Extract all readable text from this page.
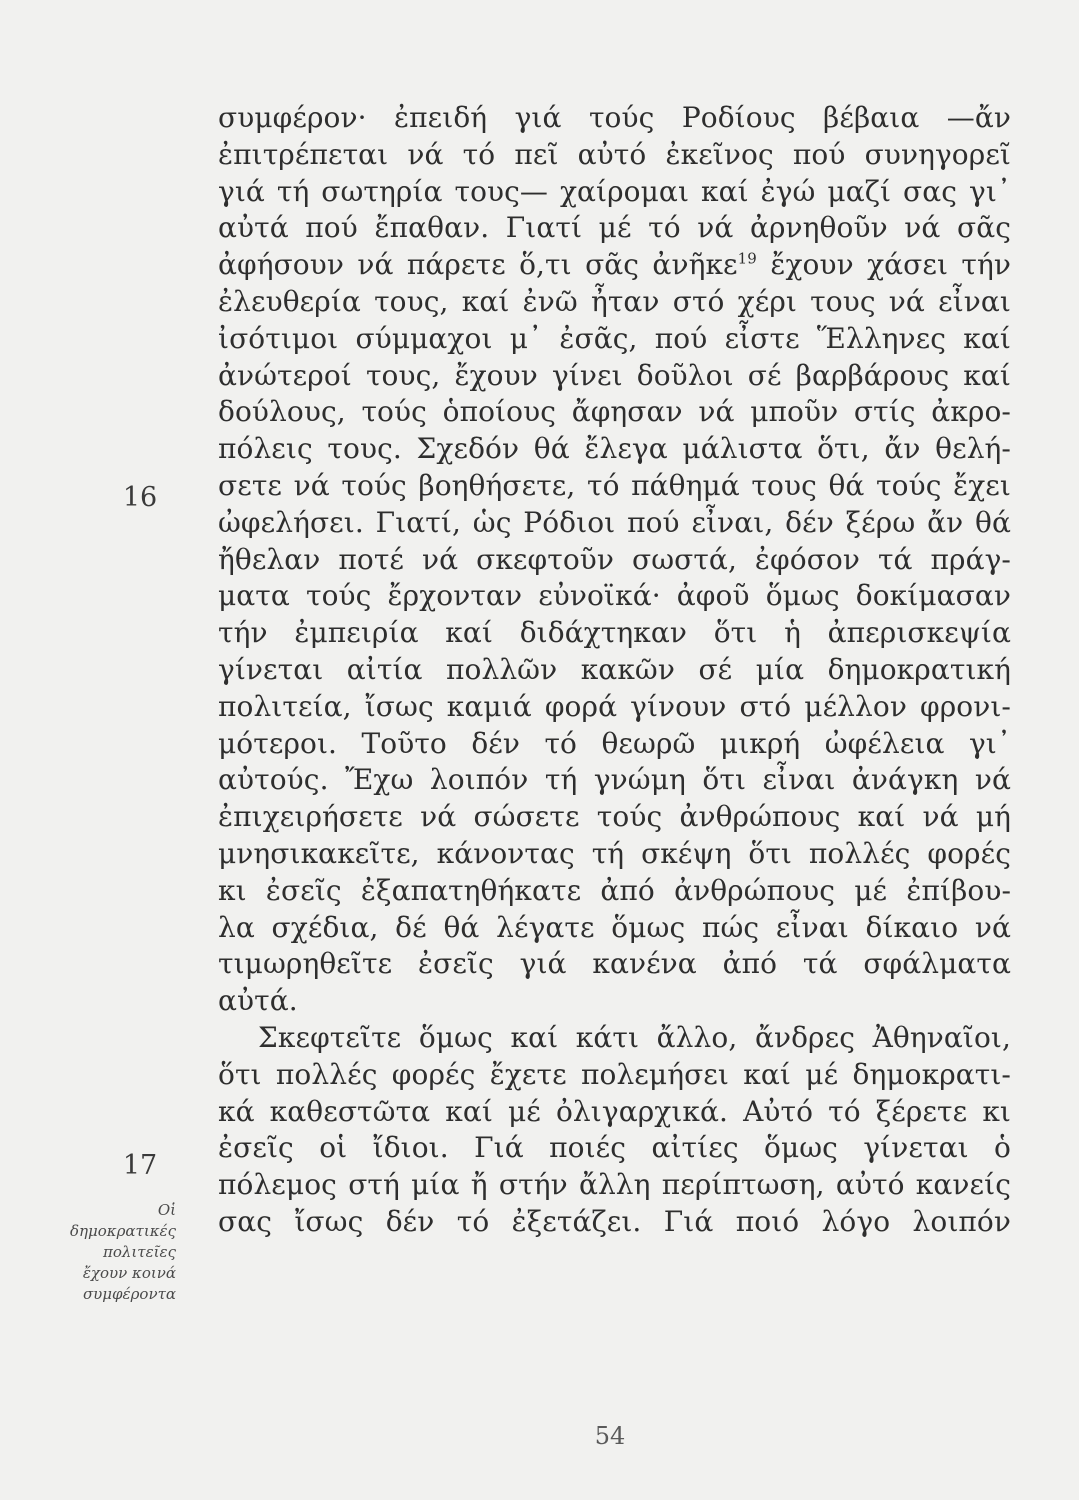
16
17
Οἱ
δημοκρατικές
πολιτεῖες
ἔχουν κοινά
συμφέροντα
συμφέρον· ἐπειδή γιά τούς Ροδίους βέβαια —ἄν
ἐπιτρέπεται νά τό πεῖ αὐτό ἐκεῖνος πού συνηγορεῖ
γιά τή σωτηρία τους— χαίρομαι καί ἐγώ μαζί σας γι᾽
αὐτά πού ἔπαθαν. Γιατί μέ τό νά ἀρνηθοῦν νά σᾶς
ἀφήσουν νά πάρετε ὅ,τι σᾶς ἀνῆκε$^{19}$ ἔχουν χάσει τήν
ἐλευθερία τους, καί ἐνῶ ἦταν στό χέρι τους νά εἶναι
ἰσότιμοι σύμμαχοι μ᾽ ἐσᾶς, πού εἶστε Ἕλληνες καί
ἀνώτεροί τους, ἔχουν γίνει δοῦλοι σέ βαρβάρους καί
δούλους, τούς ὁποίους ἄφησαν νά μποῦν στίς ἀκρο-
πόλεις τους. Σχεδόν θά ἔλεγα μάλιστα ὅτι, ἄν θελή-
σετε νά τούς βοηθήσετε, τό πάθημά τους θά τούς ἔχει
ὠφελήσει. Γιατί, ὡς Ρόδιοι πού εἶναι, δέν ξέρω ἄν θά
ἤθελαν ποτέ νά σκεφτοῦν σωστά, ἐφόσον τά πράγ-
ματα τούς ἔρχονταν εὐνοϊκά· ἀφοῦ ὅμως δοκίμασαν
τήν ἐμπειρία καί διδάχτηκαν ὅτι ἡ ἀπερισκεψία
γίνεται αἰτία πολλῶν κακῶν σέ μία δημοκρατική
πολιτεία, ἴσως καμιά φορά γίνουν στό μέλλον φρονι-
μότεροι. Τοῦτο δέν τό θεωρῶ μικρή ὠφέλεια γι᾽
αὐτούς. Ἔχω λοιπόν τή γνώμη ὅτι εἶναι ἀνάγκη νά
ἐπιχειρήσετε νά σώσετε τούς ἀνθρώπους καί νά μή
μνησικακεῖτε, κάνοντας τή σκέψη ὅτι πολλές φορές
κι ἐσεῖς ἐξαπατηθήκατε ἀπό ἀνθρώπους μέ ἐπίβου-
λα σχέδια, δέ θά λέγατε ὅμως πώς εἶναι δίκαιο νά
τιμωρηθεῖτε ἐσεῖς γιά κανένα ἀπό τά σφάλματα
αὐτά.
Σκεφτεῖτε ὅμως καί κάτι ἄλλο, ἄνδρες Ἀθηναῖοι,
ὅτι πολλές φορές ἔχετε πολεμήσει καί μέ δημοκρατι-
κά καθεστῶτα καί μέ ὀλιγαρχικά. Αὐτό τό ξέρετε κι
ἐσεῖς οἱ ἴδιοι. Γιά ποιές αἰτίες ὅμως γίνεται ὁ
πόλεμος στή μία ἤ στήν ἄλλη περίπτωση, αὐτό κανείς
σας ἴσως δέν τό ἐξετάζει. Γιά ποιό λόγο λοιπόν
54
